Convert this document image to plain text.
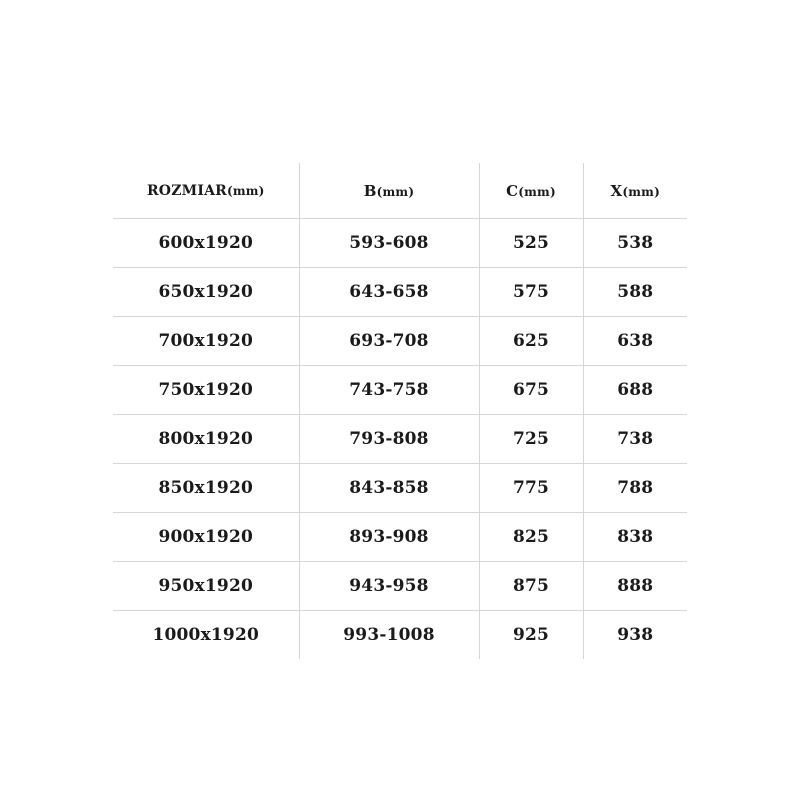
ROZMIAR(mm)	B(mm)	C(mm)	X(mm)
600x1920	593-608	525	538
650x1920	643-658	575	588
700x1920	693-708	625	638
750x1920	743-758	675	688
800x1920	793-808	725	738
850x1920	843-858	775	788
900x1920	893-908	825	838
950x1920	943-958	875	888
1000x1920	993-1008	925	938
